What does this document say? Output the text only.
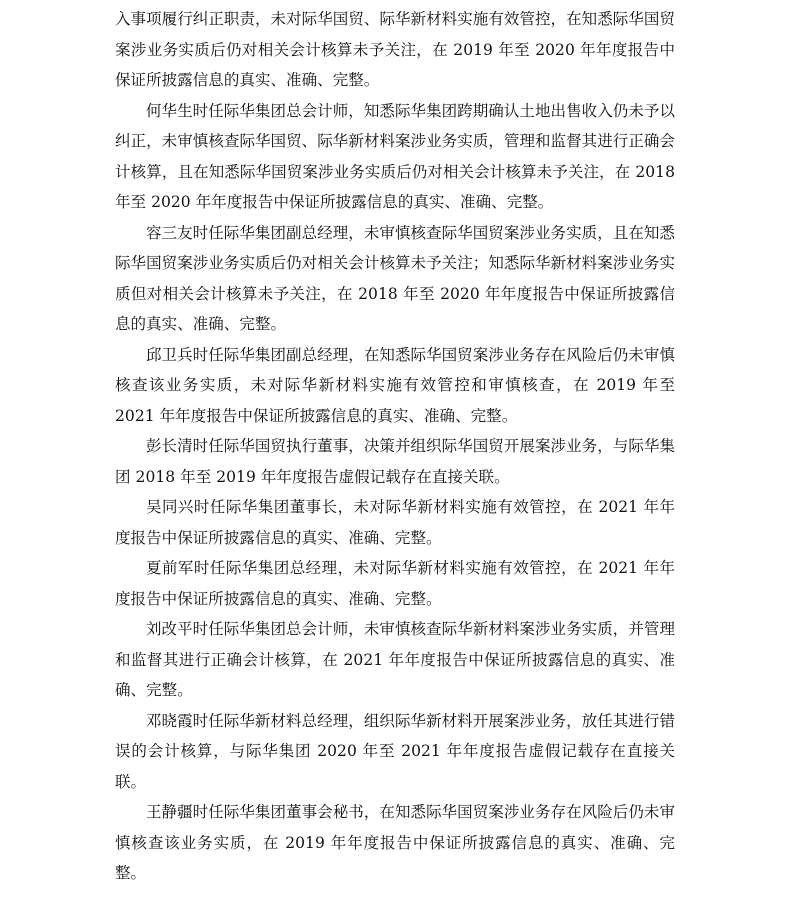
入事项履行纠正职责，未对际华国贸、际华新材料实施有效管控，在知悉际华国贸案涉业务实质后仍对相关会计核算未予关注，在 2019 年至 2020 年年度报告中保证所披露信息的真实、准确、完整。

何华生时任际华集团总会计师，知悉际华集团跨期确认土地出售收入仍未予以纠正，未审慎核查际华国贸、际华新材料案涉业务实质，管理和监督其进行正确会计核算，且在知悉际华国贸案涉业务实质后仍对相关会计核算未予关注，在 2018 年至 2020 年年度报告中保证所披露信息的真实、准确、完整。

容三友时任际华集团副总经理，未审慎核查际华国贸案涉业务实质，且在知悉际华国贸案涉业务实质后仍对相关会计核算未予关注；知悉际华新材料案涉业务实质但对相关会计核算未予关注，在 2018 年至 2020 年年度报告中保证所披露信息的真实、准确、完整。

邱卫兵时任际华集团副总经理，在知悉际华国贸案涉业务存在风险后仍未审慎核查该业务实质，未对际华新材料实施有效管控和审慎核查，在 2019 年至 2021 年年度报告中保证所披露信息的真实、准确、完整。

彭长清时任际华国贸执行董事，决策并组织际华国贸开展案涉业务，与际华集团 2018 年至 2019 年年度报告虚假记载存在直接关联。

吴同兴时任际华集团董事长，未对际华新材料实施有效管控，在 2021 年年度报告中保证所披露信息的真实、准确、完整。

夏前军时任际华集团总经理，未对际华新材料实施有效管控，在 2021 年年度报告中保证所披露信息的真实、准确、完整。

刘改平时任际华集团总会计师，未审慎核查际华新材料案涉业务实质，并管理和监督其进行正确会计核算，在 2021 年年度报告中保证所披露信息的真实、准确、完整。

邓晓霞时任际华新材料总经理，组织际华新材料开展案涉业务，放任其进行错误的会计核算，与际华集团 2020 年至 2021 年年度报告虚假记载存在直接关联。

王静疆时任际华集团董事会秘书，在知悉际华国贸案涉业务存在风险后仍未审慎核查该业务实质，在 2019 年年度报告中保证所披露信息的真实、准确、完整。
